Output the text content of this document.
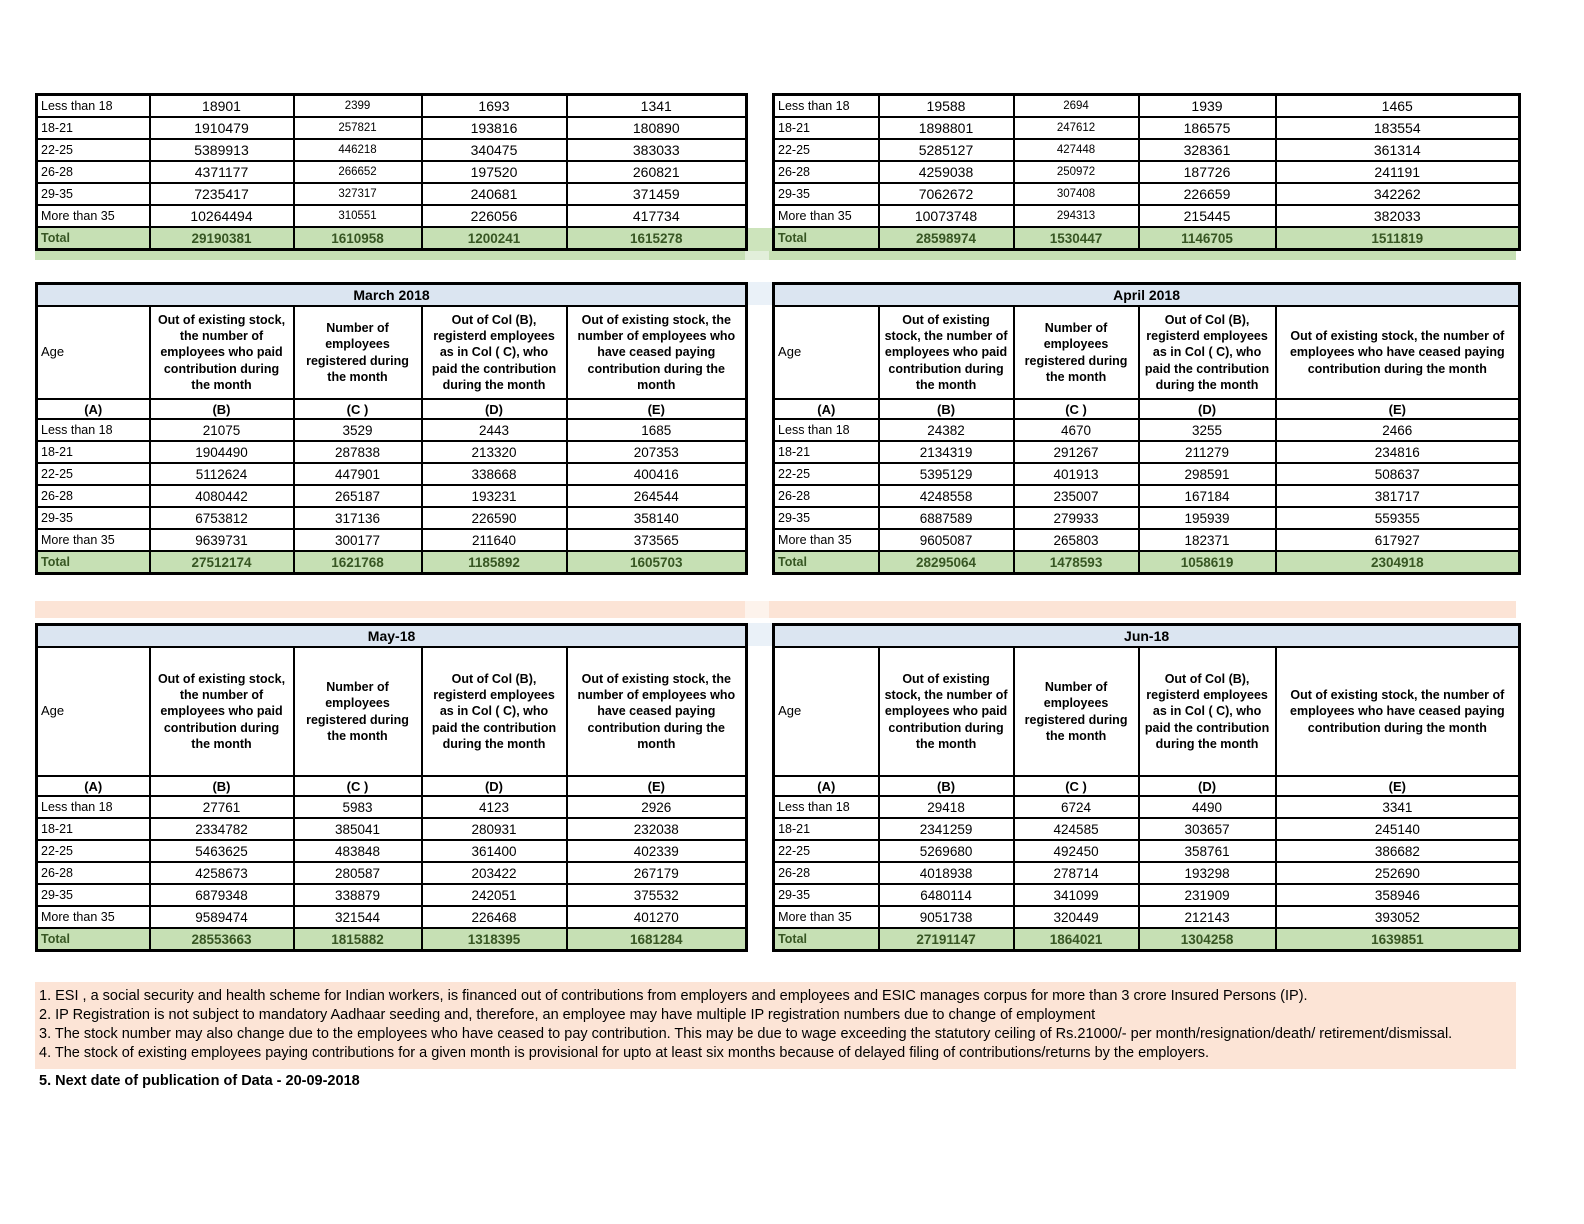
Less than 18	18901	2399	1693	1341
18-21	1910479	257821	193816	180890
22-25	5389913	446218	340475	383033
26-28	4371177	266652	197520	260821
29-35	7235417	327317	240681	371459
More than 35	10264494	310551	226056	417734
Total	29190381	1610958	1200241	1615278
Less than 18	19588	2694	1939	1465
18-21	1898801	247612	186575	183554
22-25	5285127	427448	328361	361314
26-28	4259038	250972	187726	241191
29-35	7062672	307408	226659	342262
More than 35	10073748	294313	215445	382033
Total	28598974	1530447	1146705	1511819
March 2018				
Age	Out of existing stock, the number of employees who paid contribution during the month	Number of employees registered during the month	Out of Col (B), registerd employees as in Col ( C), who paid the contribution during the month	Out of existing stock, the number of employees who have ceased paying contribution during the month
(A)	(B)	(C )	(D)	(E)
Less than 18	21075	3529	2443	1685
18-21	1904490	287838	213320	207353
22-25	5112624	447901	338668	400416
26-28	4080442	265187	193231	264544
29-35	6753812	317136	226590	358140
More than 35	9639731	300177	211640	373565
Total	27512174	1621768	1185892	1605703
April 2018				
Age	Out of existing stock, the number of employees who paid contribution during the month	Number of employees registered during the month	Out of Col (B), registerd employees as in Col ( C), who paid the contribution during the month	Out of existing stock, the number of employees who have ceased paying contribution during the month
(A)	(B)	(C )	(D)	(E)
Less than 18	24382	4670	3255	2466
18-21	2134319	291267	211279	234816
22-25	5395129	401913	298591	508637
26-28	4248558	235007	167184	381717
29-35	6887589	279933	195939	559355
More than 35	9605087	265803	182371	617927
Total	28295064	1478593	1058619	2304918
May-18				
Age	Out of existing stock, the number of employees who paid contribution during the month	Number of employees registered during the month	Out of Col (B), registerd employees as in Col ( C), who paid the contribution during the month	Out of existing stock, the number of employees who have ceased paying contribution during the month
(A)	(B)	(C )	(D)	(E)
Less than 18	27761	5983	4123	2926
18-21	2334782	385041	280931	232038
22-25	5463625	483848	361400	402339
26-28	4258673	280587	203422	267179
29-35	6879348	338879	242051	375532
More than 35	9589474	321544	226468	401270
Total	28553663	1815882	1318395	1681284
Jun-18				
Age	Out of existing stock, the number of employees who paid contribution during the month	Number of employees registered during the month	Out of Col (B), registerd employees as in Col ( C), who paid the contribution during the month	Out of existing stock, the number of employees who have ceased paying contribution during the month
(A)	(B)	(C )	(D)	(E)
Less than 18	29418	6724	4490	3341
18-21	2341259	424585	303657	245140
22-25	5269680	492450	358761	386682
26-28	4018938	278714	193298	252690
29-35	6480114	341099	231909	358946
More than 35	9051738	320449	212143	393052
Total	27191147	1864021	1304258	1639851

1. ESI , a social security and health scheme for Indian workers, is financed out of contributions from employers and employees and ESIC manages corpus for more than 3 crore Insured Persons (IP).

2. IP Registration is not subject to mandatory Aadhaar seeding and, therefore, an employee may have multiple IP registration numbers due to change of employment

3. The stock number may also change due to the employees who have ceased to pay contribution. This may be due to wage exceeding the statutory ceiling of Rs.21000/- per month/resignation/death/ retirement/dismissal.

4. The stock of existing employees paying contributions for a given month is provisional for upto at least six months because of delayed filing of contributions/returns by the employers.

5. Next date of publication of Data - 20-09-2018
